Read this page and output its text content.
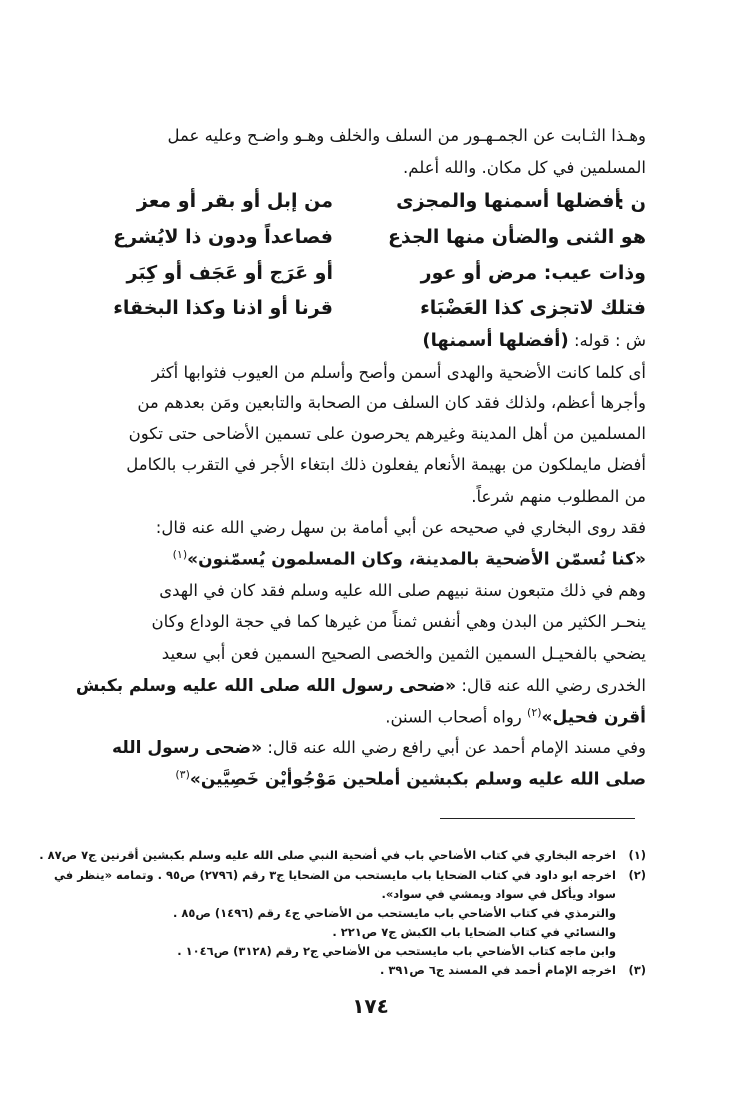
وهـذا الثـابت عن الجمـهـور من السلف والخلف وهـو واضـح وعليه عمل
المسلمين في كل مكان. والله أعلم.
ن :
أفضلها أسمنها والمجزى
من إبل أو بقر أو معز
هو الثنى والضأن منها الجذع
فصاعداً ودون ذا لايُشرع
وذات عيب: مرض أو عور
أو عَرَج أو عَجَف أو كِبَر
فتلك لاتجزى كذا العَضْبَاء
قرنا أو اذنا وكذا البخقاء
ش : قوله: (أفضلها أسمنها)
أى كلما كانت الأضحية والهدى أسمن وأصح وأسلم من العيوب فثوابها أكثر
وأجرها أعظم، ولذلك فقد كان السلف من الصحابة والتابعين ومَن بعدهم من
المسلمين من أهل المدينة وغيرهم يحرصون على تسمين الأضاحى حتى تكون
أفضل مايملكون من بهيمة الأنعام يفعلون ذلك ابتغاء الأجر في التقرب بالكامل
من المطلوب منهم شرعاً.
فقد روى البخاري في صحيحه عن أبي أمامة بن سهل رضي الله عنه قال:
«كنا نُسمّن الأضحية بالمدينة، وكان المسلمون يُسمّنون»$^{(١)}$
وهم في ذلك متبعون سنة نبيهم صلى الله عليه وسلم فقد كان في الهدى
ينحـر الكثير من البدن وهي أنفس ثمناً من غيرها كما في حجة الوداع وكان
يضحي بالفحيـل السمين الثمين والخصى الصحيح السمين فعن أبي سعيد
الخدرى رضي الله عنه قال: «ضحى رسول الله صلى الله عليه وسلم بكبش
أقرن فحيل»$^{(٢)}$ رواه أصحاب السنن.
وفي مسند الإمام أحمد عن أبي رافع رضي الله عنه قال: «ضحى رسول الله
صلى الله عليه وسلم بكبشين أملحين مَوْجُوأيْن خَصِيَّين»$^{(٣)}$
(١)
اخرجه البخاري في كتاب الأضاحي باب في أضحية النبي صلى الله عليه وسلم بكبشين أقرنين ج٧ ص٨٧ .
(٢)
اخرجه ابو داود في كتاب الضحايا باب مايستحب من الضحايا ج٣ رقم (٢٧٩٦) ص٩٥ . وتمامه «ينظر في
سواد ويأكل في سواد ويمشي في سواد».
والترمذي في كتاب الأضاحي باب مايستحب من الأضاحي ج٤ رقم (١٤٩٦) ص٨٥ .
والنسائي في كتاب الضحايا باب الكبش ج٧ ص٢٢١ .
وابن ماجه كتاب الأضاحي باب مايستحب من الأضاحي ج٢ رقم (٣١٢٨) ص١٠٤٦ .
(٣)
اخرجه الإمام أحمد في المسند ج٦ ص٣٩١ .
١٧٤
